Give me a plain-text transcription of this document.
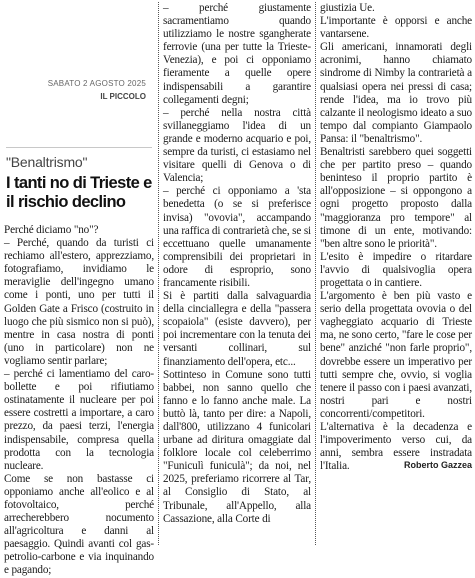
SABATO 2 AGOSTO 2025
IL PICCOLO
"Benaltrismo"
I tanti no di Trieste e il rischio declino

Perché diciamo "no"?

– Perché, quando da turisti ci rechiamo all'estero, apprezziamo, fotografiamo, invidiamo le meraviglie dell'ingegno umano come i ponti, uno per tutti il Golden Gate a Frisco (costruito in luogo che più sismico non si può), mentre in casa nostra di ponti (uno in particolare) non ne vogliamo sentir parlare;

– perché ci lamentiamo del caro-bollette e poi rifiutiamo ostinatamente il nucleare per poi essere costretti a importare, a caro prezzo, da paesi terzi, l'energia indispensabile, compresa quella prodotta con la tecnologia nucleare.

Come se non bastasse ci opponiamo anche all'eolico e al fotovoltaico, perché arrecherebbero nocumento all'agricoltura e danni al paesaggio. Quindi avanti col gas-petrolio-carbone e via inquinando e pagando;

– perché giustamente sacramentiamo quando utilizziamo le nostre sgangherate ferrovie (una per tutte la Trieste-Venezia), e poi ci opponiamo fieramente a quelle opere indispensabili a garantire collegamenti degni;

– perché nella nostra città svillaneggiamo l'idea di un grande e moderno acquario e poi, sempre da turisti, ci estasiamo nel visitare quelli di Genova o di Valencia;

– perché ci opponiamo a 'sta benedetta (o se si preferisce invisa) "ovovia", accampando una raffica di contrarietà che, se si eccettuano quelle umanamente comprensibili dei proprietari in odore di esproprio, sono francamente risibili.

Si è partiti dalla salvaguardia della cinciallegra e della "passera scopaiola" (esiste davvero), per poi incrementare con la tenuta dei versanti collinari, sul finanziamento dell'opera, etc...

Sottinteso in Comune sono tutti babbei, non sanno quello che fanno e lo fanno anche male. La buttò là, tanto per dire: a Napoli, dall'800, utilizzano 4 funicolari urbane ad diritura omaggiate dal folklore locale col celeberrimo "Funiculì funiculà"; da noi, nel 2025, preferiamo ricorrere al Tar, al Consiglio di Stato, al Tribunale, all'Appello, alla Cassazione, alla Corte di

giustizia Ue.

L'importante è opporsi e anche vantarsene.

Gli americani, innamorati degli acronimi, hanno chiamato sindrome di Nimby la contrarietà a qualsiasi opera nei pressi di casa; rende l'idea, ma io trovo più calzante il neologismo ideato a suo tempo dal compianto Giampaolo Pansa: il "benaltrismo".

Benaltristi sarebbero quei soggetti che per partito preso – quando beninteso il proprio partito è all'opposizione – si oppongono a ogni progetto proposto dalla "maggioranza pro tempore" al timone di un ente, motivando: "ben altre sono le priorità".

L'esito è impedire o ritardare l'avvio di qualsivoglia opera progettata o in cantiere.

L'argomento è ben più vasto e serio della progettata ovovia o del vagheggiato acquario di Trieste ma, ne sono certo, "fare le cose per bene" anziché "non farle proprio", dovrebbe essere un imperativo per tutti sempre che, ovvio, si voglia tenere il passo con i paesi avanzati, nostri pari e nostri concorrenti/competitori.

L'alternativa è la decadenza e l'impoverimento verso cui, da anni, sembra essere instradata l'Italia.	Roberto Gazzea
